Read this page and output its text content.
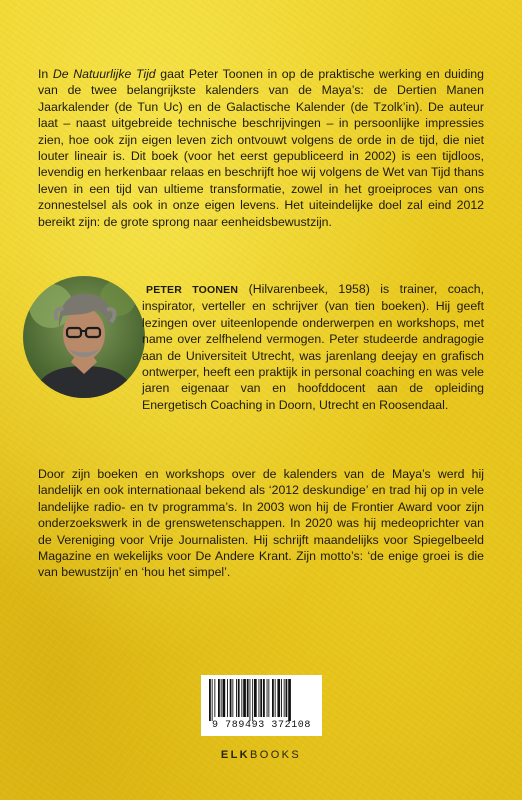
In De Natuurlijke Tijd gaat Peter Toonen in op de praktische werking en duiding van de twee belangrijkste kalenders van de Maya’s: de Dertien Manen Jaarkalender (de Tun Uc) en de Galactische Kalender (de Tzolk’in). De auteur laat – naast uitgebreide technische beschrijvingen – in persoonlijke impressies zien, hoe ook zijn eigen leven zich ontvouwt volgens de orde in de tijd, die niet louter lineair is. Dit boek (voor het eerst gepubliceerd in 2002) is een tijdloos, levendig en herkenbaar relaas en beschrijft hoe wij volgens de Wet van Tijd thans leven in een tijd van ultieme transformatie, zowel in het groeiproces van ons zonnestelsel als ook in onze eigen levens. Het uiteindelijke doel zal eind 2012 bereikt zijn: de grote sprong naar eenheidsbewustzijn.

PETER TOONEN (Hilvarenbeek, 1958) is trainer, coach, inspirator, verteller en schrijver (van tien boeken). Hij geeft lezingen over uiteenlopende onderwerpen en workshops, met name over zelfhelend vermogen. Peter studeerde andragogie aan de Universiteit Utrecht, was jarenlang deejay en grafisch ontwerper, heeft een praktijk in personal coaching en was vele jaren eigenaar van en hoofddocent aan de opleiding Energetisch Coaching in Doorn, Utrecht en Roosendaal.

Door zijn boeken en workshops over de kalenders van de Maya’s werd hij landelijk en ook internationaal bekend als ‘2012 deskundige’ en trad hij op in vele landelijke radio- en tv programma’s. In 2003 won hij de Frontier Award voor zijn onderzoekswerk in de grenswetenschappen. In 2020 was hij medeoprichter van de Vereniging voor Vrije Journalisten. Hij schrijft maandelijks voor Spiegelbeeld Magazine en wekelijks voor De Andere Krant. Zijn motto’s: ‘de enige groei is die van bewustzijn’ en ‘hou het simpel’.

9 789493 372108
ELKBOOKS
